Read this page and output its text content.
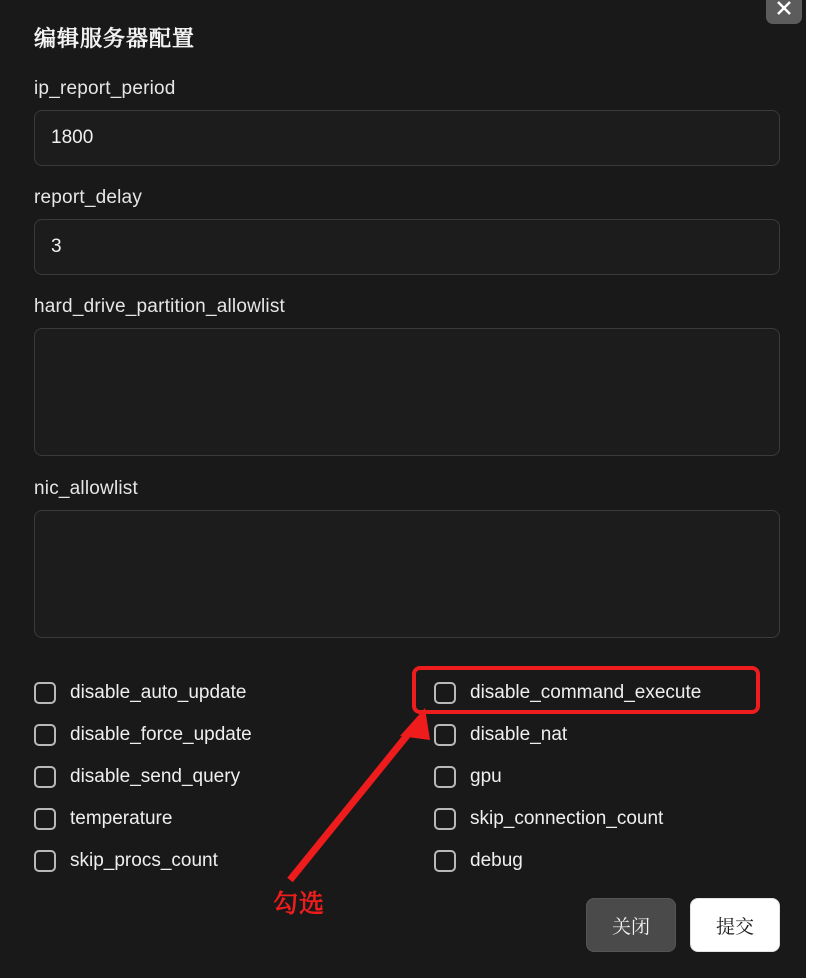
编辑服务器配置
ip_report_period
1800
report_delay
3
hard_drive_partition_allowlist
nic_allowlist
disable_auto_update	disable_command_execute
disable_force_update	disable_nat
disable_send_query	gpu
temperature	skip_connection_count
skip_procs_count	debug
勾选
关闭	提交
